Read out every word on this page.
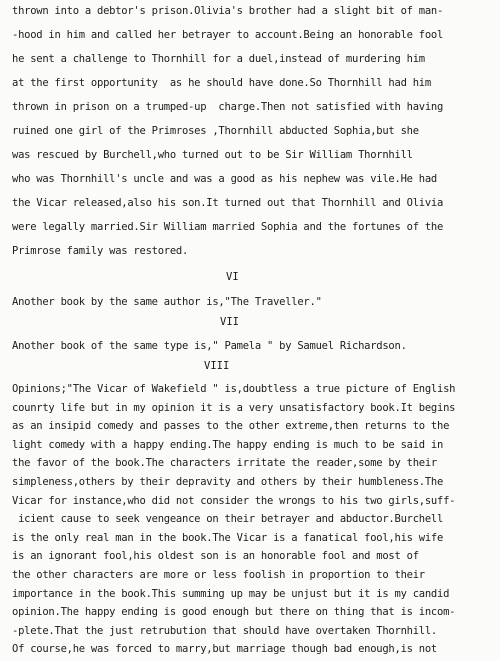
thrown into a debtor's prison.Olivia's brother had a slight bit of man-
-hood in him and called her betrayer to account.Being an honorable fool
he sent a challenge to Thornhill for a duel,instead of murdering him
at the first opportunity  as he should have done.So Thornhill had him
thrown in prison on a trumped-up  charge.Then not satisfied with having
ruined one girl of the Primroses ,Thornhill abducted Sophia,but she
was rescued by Burchell,who turned out to be Sir William Thornhill
who was Thornhill's uncle and was a good as his nephew was vile.He had
the Vicar released,also his son.It turned out that Thornhill and Olivia
were legally married.Sir William married Sophia and the fortunes of the
Primrose family was restored.
VI
Another book by the same author is,"The Traveller."
VII
Another book of the same type is," Pamela " by Samuel Richardson.
VIII
Opinions;"The Vicar of Wakefield " is,doubtless a true picture of English
counrty life but in my opinion it is a very unsatisfactory book.It begins
as an insipid comedy and passes to the other extreme,then returns to the
light comedy with a happy ending.The happy ending is much to be said in
the favor of the book.The characters irritate the reader,some by their
simpleness,others by their depravity and others by their humbleness.The
Vicar for instance,who did not consider the wrongs to his two girls,suff-
icient cause to seek vengeance on their betrayer and abductor.Burchell
is the only real man in the book.The Vicar is a fanatical fool,his wife
is an ignorant fool,his oldest son is an honorable fool and most of
the other characters are more or less foolish in proportion to their
importance in the book.This summing up may be unjust but it is my candid
opinion.The happy ending is good enough but there on thing that is incom-
-plete.That the just retrubution that should have overtaken Thornhill.
Of course,he was forced to marry,but marriage though bad enough,is not
